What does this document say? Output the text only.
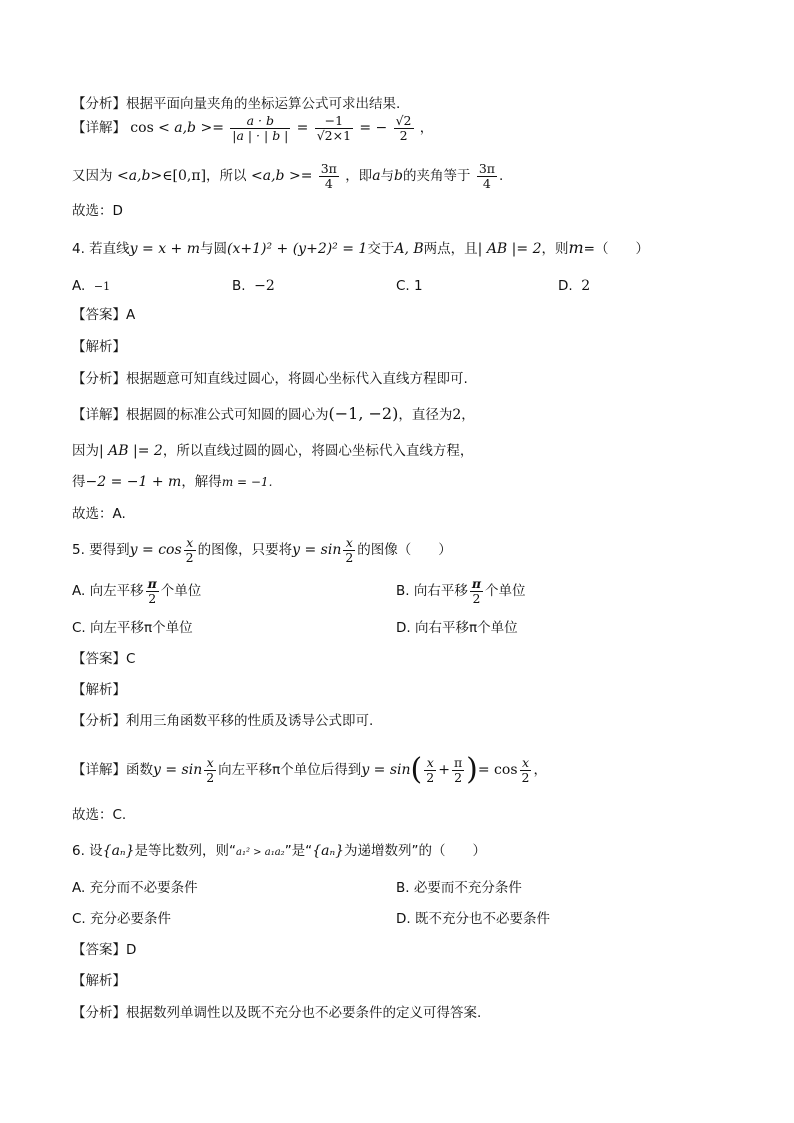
【分析】根据平面向量夹角的坐标运算公式可求出结果.
【详解】 $\cos < a,b >= \frac{a \cdot b}{|a | \cdot | b |} = \frac{-1}{√2\times 1}$ = − $\frac{√2}{2}$ ，
又因为 <a,b>∈[0,π]，所以 $<a,b >= \frac{3\pi}{4}$ ，即a与b的夹角等于 $\frac{3\pi}{4}$ .
故选：D
4. 若直线y = x + m与圆(x+1)² + (y+2)² = 1交于A, B两点，且| AB |= 2，则m=（　　）
A. −1	B. −2	C. 1	D. 2
【答案】A
【解析】
【分析】根据题意可知直线过圆心，将圆心坐标代入直线方程即可.
【详解】根据圆的标准公式可知圆的圆心为(−1, −2)，直径为2，
因为| AB |= 2，所以直线过圆的圆心，将圆心坐标代入直线方程，
得−2 = −1 + m，解得m = −1.
故选：A.
5. 要得到$y = \cos \frac{x}{2}$ 的图像，只要将$y = \sin \frac{x}{2}$ 的图像（　　）
A. 向左平移 $\frac{\pi}{2}$ 个单位	B. 向右平移 $\frac{\pi}{2}$ 个单位
C. 向左平移π个单位	D. 向右平移π个单位
【答案】C
【解析】
【分析】利用三角函数平移的性质及诱导公式即可.
【详解】函数$y = \sin \frac{x}{2}$ 向左平移π个单位后得到$y = \sin( \frac{x}{2} + \frac{\pi}{2}$ )= $\cos \frac{x}{2}$ ，
故选：C.
6. 设{aₙ}是等比数列，则“a₁² > a₁a₂”是“{aₙ}为递增数列”的（　　）
A. 充分而不必要条件	B. 必要而不充分条件
C. 充分必要条件	D. 既不充分也不必要条件
【答案】D
【解析】
【分析】根据数列单调性以及既不充分也不必要条件的定义可得答案.
